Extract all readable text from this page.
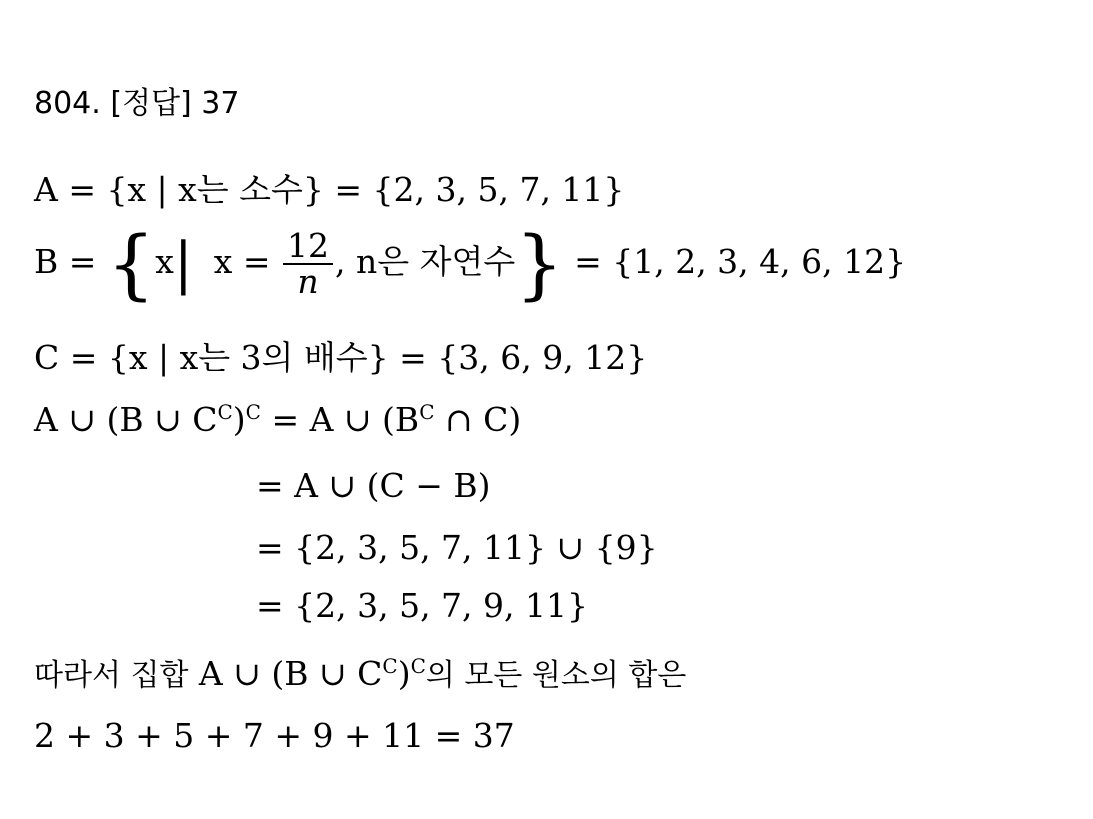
804. [정답] 37
A = {x | x는 소수} = {2, 3, 5, 7, 11}
B = {x| $x = \frac{12}{n}$ , n은 자연수} = {1, 2, 3, 4, 6, 12}
C = {x | x는 3의 배수} = {3, 6, 9, 12}
A ∪ (B ∪ $C^C)^C = A$ ∪ ($B^C$ ∩ C)
= A ∪ (C − B)
= {2, 3, 5, 7, 11} ∪ {9}
= {2, 3, 5, 7, 9, 11}
따라서 집합 A ∪ (B ∪ $C^C)^C$의 모든 원소의 합은
2 + 3 + 5 + 7 + 9 + 11 = 37
